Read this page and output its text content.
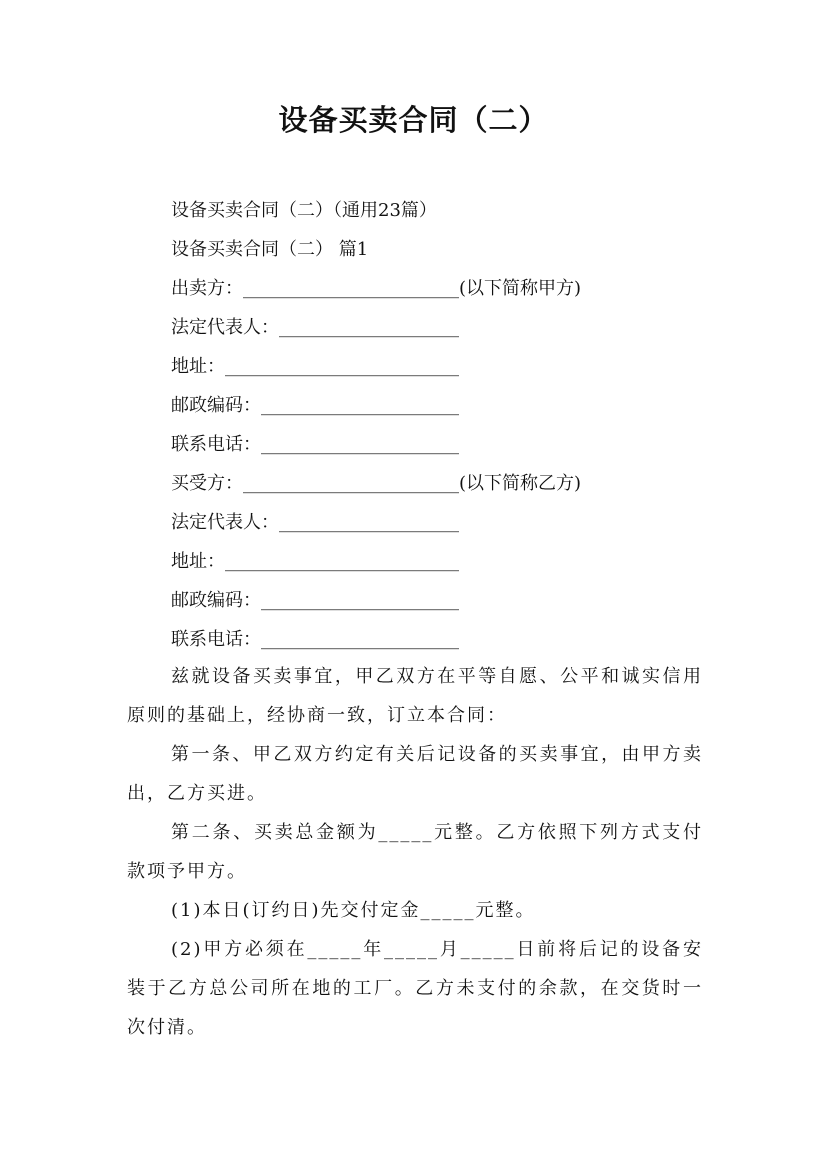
设备买卖合同（二）
设备买卖合同（二）（通用23篇）
设备买卖合同（二） 篇1
出卖方：________________________(以下简称甲方)
法定代表人：____________________
地址：__________________________
邮政编码：______________________
联系电话：______________________
买受方：________________________(以下简称乙方)
法定代表人：____________________
地址：__________________________
邮政编码：______________________
联系电话：______________________
兹就设备买卖事宜，甲乙双方在平等自愿、公平和诚实信用原则的基础上，经协商一致，订立本合同：
第一条、甲乙双方约定有关后记设备的买卖事宜，由甲方卖出，乙方买进。
第二条、买卖总金额为_____元整。乙方依照下列方式支付款项予甲方。
(1)本日(订约日)先交付定金_____元整。
(2)甲方必须在_____年_____月_____日前将后记的设备安装于乙方总公司所在地的工厂。乙方未支付的余款，在交货时一次付清。
